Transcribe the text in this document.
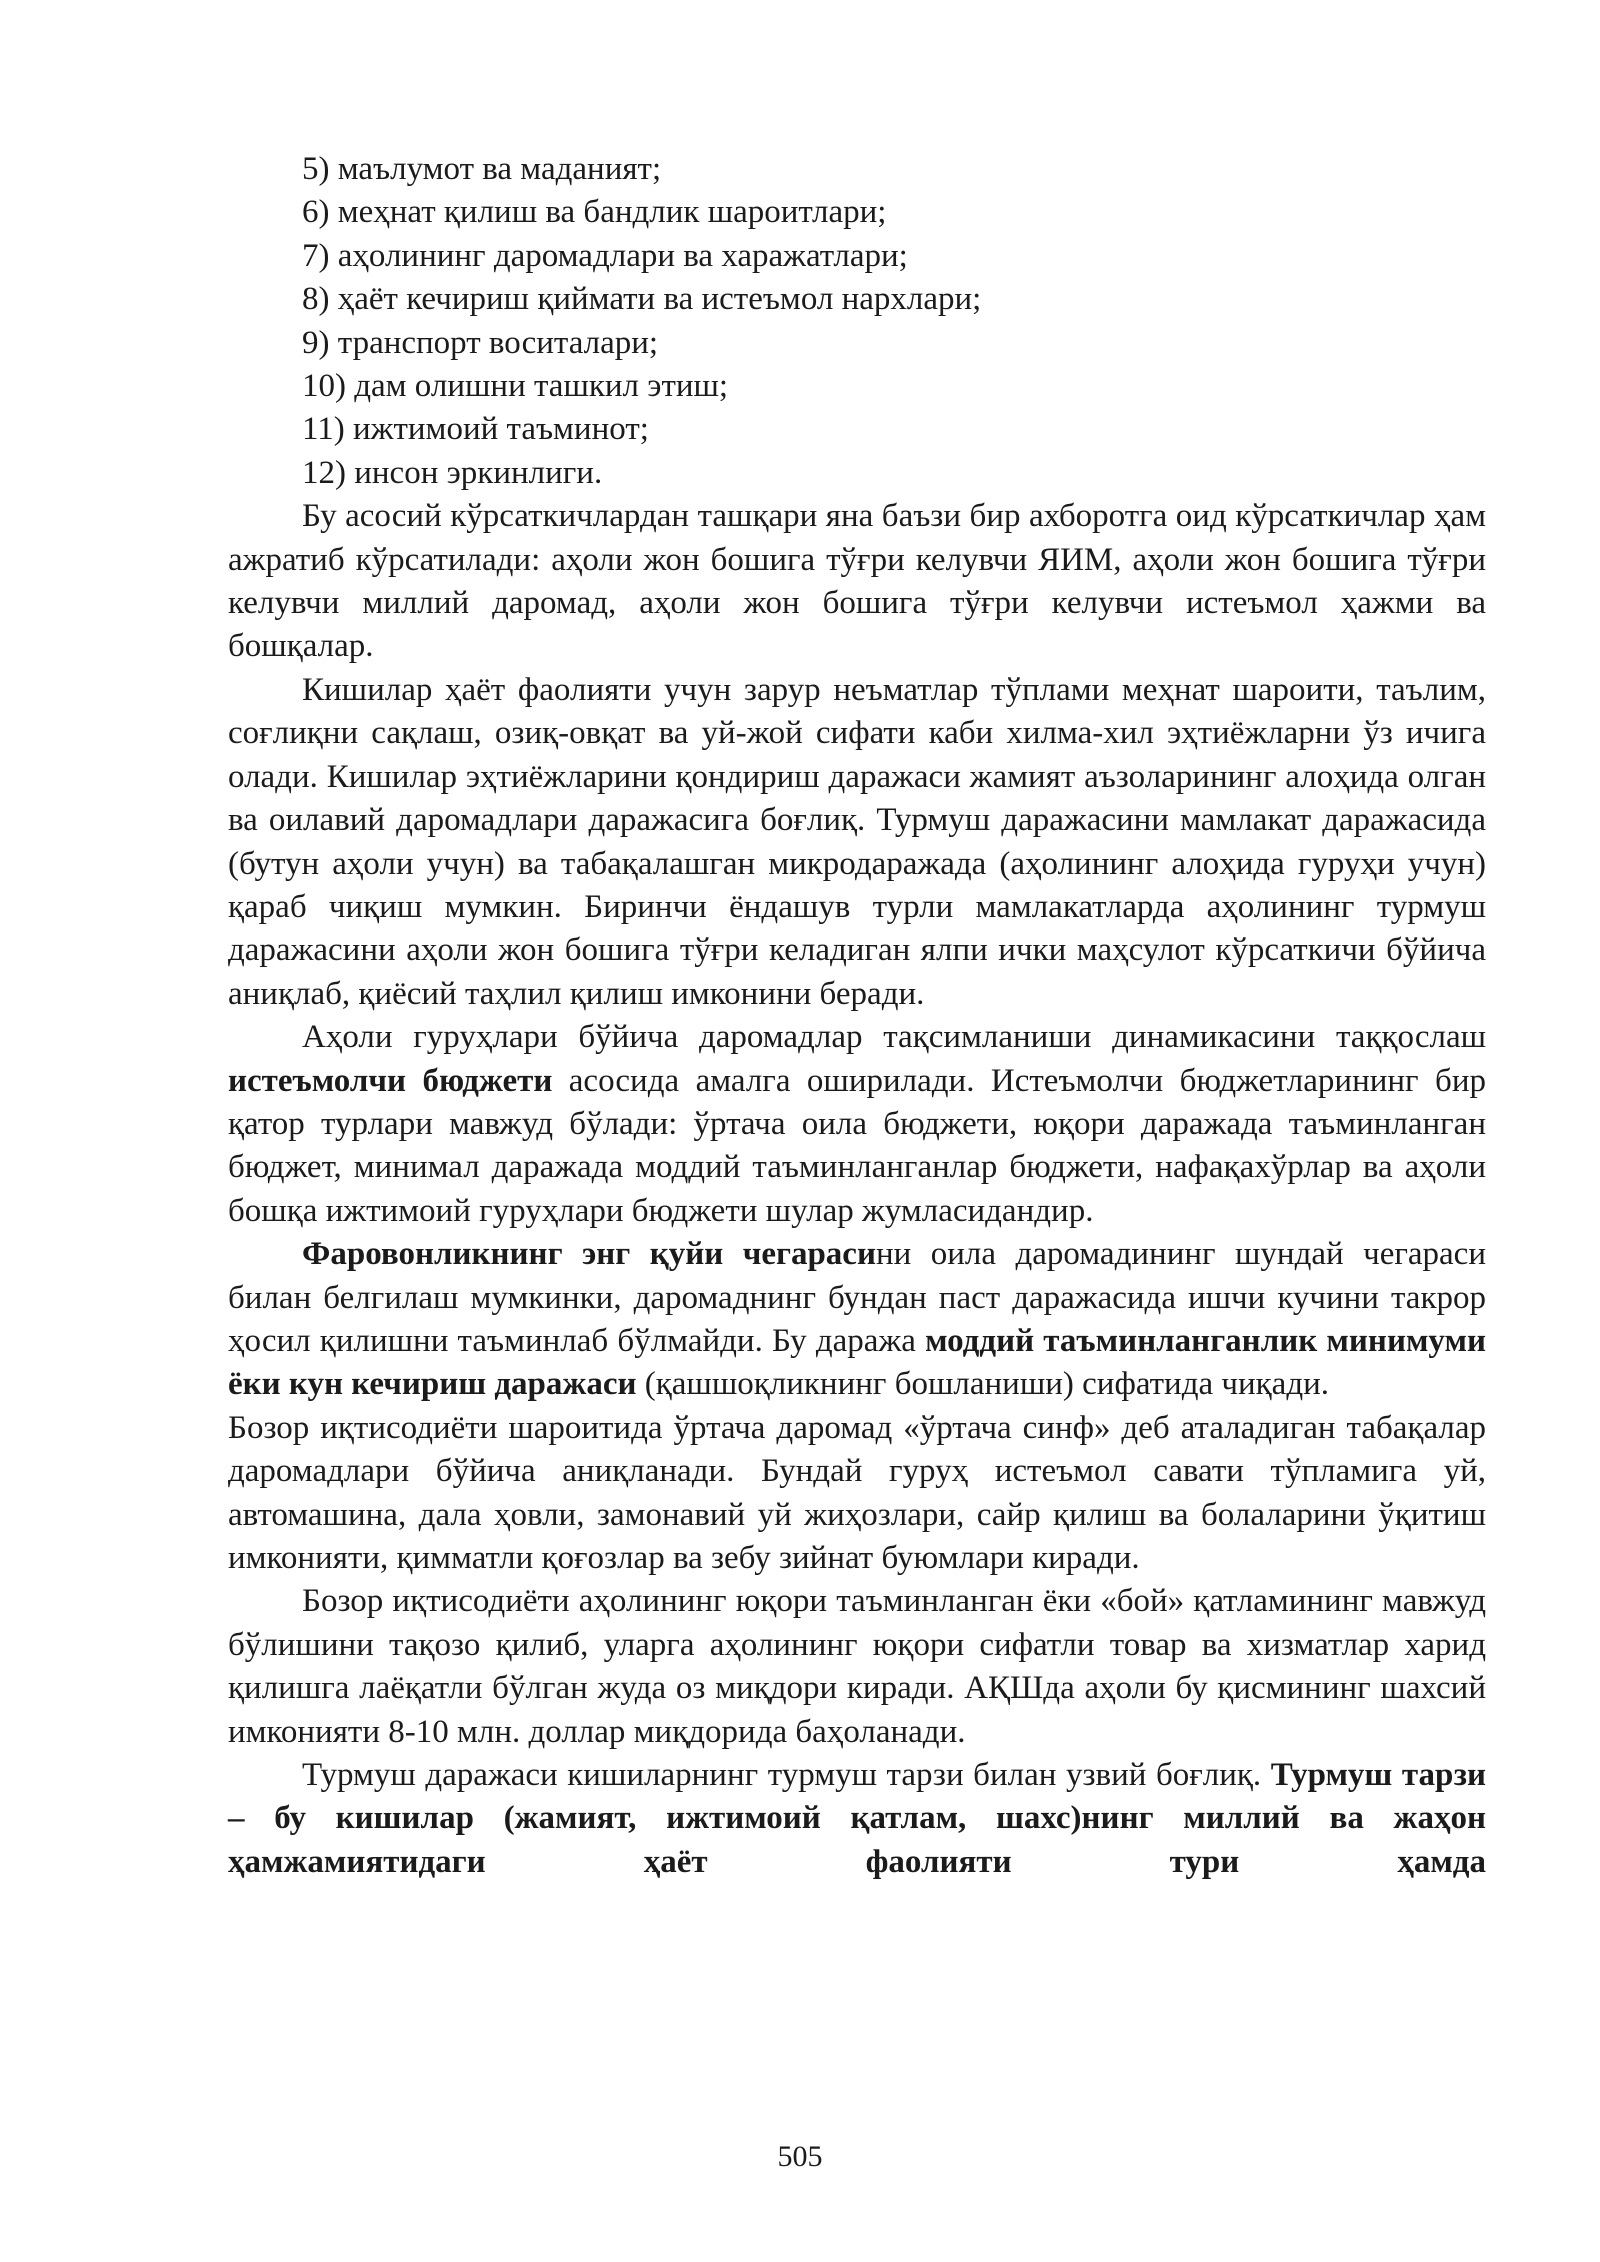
5) маълумот ва маданият;

6) меҳнат қилиш ва бандлик шароитлари;

7) аҳолининг даромадлари ва харажатлари;

8) ҳаёт кечириш қиймати ва истеъмол нархлари;

9) транспорт воситалари;

10) дам олишни ташкил этиш;

11) ижтимоий таъминот;

12) инсон эркинлиги.

Бу асосий кўрсаткичлардан ташқари яна баъзи бир ахборотга оид кўрсаткичлар ҳам ажратиб кўрсатилади: аҳоли жон бошига тўғри келувчи ЯИМ, аҳоли жон бошига тўғри келувчи миллий даромад, аҳоли жон бошига тўғри келувчи истеъмол ҳажми ва бошқалар.

Кишилар ҳаёт фаолияти учун зарур неъматлар тўплами меҳнат шароити, таълим, соғлиқни сақлаш, озиқ-овқат ва уй-жой сифати каби хилма-хил эҳтиёжларни ўз ичига олади. Кишилар эҳтиёжларини қондириш даражаси жамият аъзоларининг алоҳида олган ва оилавий даромадлари даражасига боғлиқ. Турмуш даражасини мамлакат даражасида (бутун аҳоли учун) ва табақалашган микродаражада (аҳолининг алоҳида гуруҳи учун) қараб чиқиш мумкин. Биринчи ёндашув турли мамлакатларда аҳолининг турмуш даражасини аҳоли жон бошига тўғри келадиган ялпи ички маҳсулот кўрсаткичи бўйича аниқлаб, қиёсий таҳлил қилиш имконини беради.

Аҳоли гуруҳлари бўйича даромадлар тақсимланиши динамикасини таққослаш истеъмолчи бюджети асосида амалга оширилади. Истеъмолчи бюджетларининг бир қатор турлари мавжуд бўлади: ўртача оила бюджети, юқори даражада таъминланган бюджет, минимал даражада моддий таъминланганлар бюджети, нафақахўрлар ва аҳоли бошқа ижтимоий гуруҳлари бюджети шулар жумласидандир.

Фаровонликнинг энг қуйи чегарасини оила даромадининг шундай чегараси билан белгилаш мумкинки, даромаднинг бундан паст даражасида ишчи кучини такрор ҳосил қилишни таъминлаб бўлмайди. Бу даража моддий таъминланганлик минимуми ёки кун кечириш даражаси (қашшоқликнинг бошланиши) сифатида чиқади.

Бозор иқтисодиёти шароитида ўртача даромад «ўртача синф» деб аталадиган табақалар даромадлари бўйича аниқланади. Бундай гуруҳ истеъмол савати тўпламига уй, автомашина, дала ҳовли, замонавий уй жиҳозлари, сайр қилиш ва болаларини ўқитиш имконияти, қимматли қоғозлар ва зебу зийнат буюмлари киради.

Бозор иқтисодиёти аҳолининг юқори таъминланган ёки «бой» қатламининг мавжуд бўлишини тақозо қилиб, уларга аҳолининг юқори сифатли товар ва хизматлар харид қилишга лаёқатли бўлган жуда оз миқдори киради. АҚШда аҳоли бу қисмининг шахсий имконияти 8-10 млн. доллар миқдорида баҳоланади.

Турмуш даражаси кишиларнинг турмуш тарзи билан узвий боғлиқ. Турмуш тарзи – бу кишилар (жамият, ижтимоий қатлам, шахс)нинг миллий ва жаҳон ҳамжамиятидаги ҳаёт фаолияти тури ҳамда

505
